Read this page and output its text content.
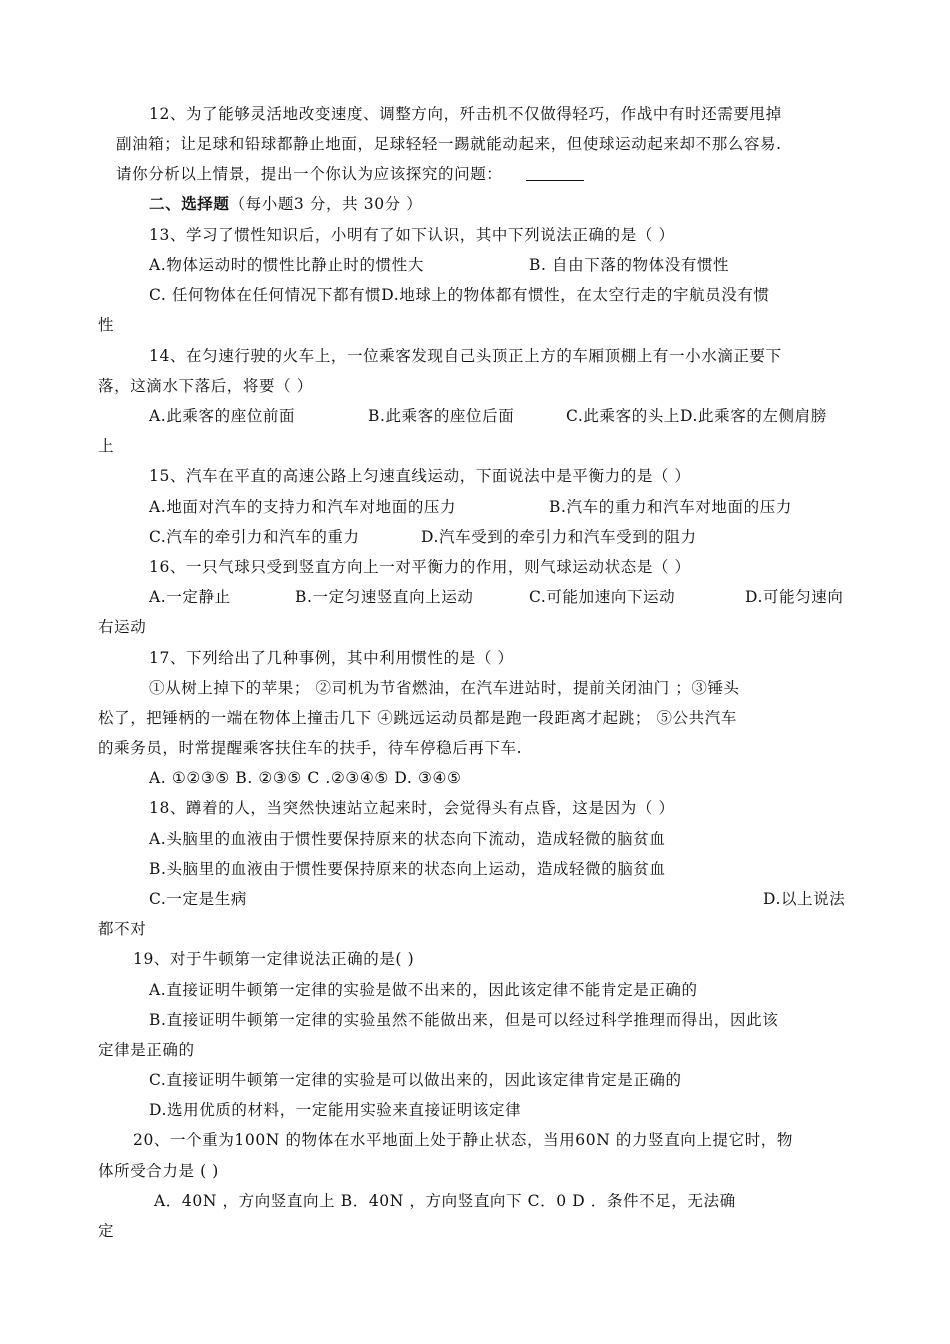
12、为了能够灵活地改变速度、调整方向，歼击机不仅做得轻巧，作战中有时还需要甩掉
副油箱；让足球和铅球都静止地面，足球轻轻一踢就能动起来，但使球运动起来却不那么容易.
请你分析以上情景，提出一个你认为应该探究的问题：
二、选择题（每小题3 分，共 30分 ）
13、学习了惯性知识后，小明有了如下认识，其中下列说法正确的是（ ）
A.物体运动时的惯性比静止时的惯性大	B. 自由下落的物体没有惯性
C. 任何物体在任何情况下都有惯D.地球上的物体都有惯性，在太空行走的宇航员没有惯
性
14、在匀速行驶的火车上，一位乘客发现自己头顶正上方的车厢顶棚上有一小水滴正要下
落，这滴水下落后，将要（ ）
A.此乘客的座位前面	B.此乘客的座位后面	C.此乘客的头上D.此乘客的左侧肩膀
上
15、汽车在平直的高速公路上匀速直线运动，下面说法中是平衡力的是（ ）
A.地面对汽车的支持力和汽车对地面的压力	B.汽车的重力和汽车对地面的压力
C.汽车的牵引力和汽车的重力	D.汽车受到的牵引力和汽车受到的阻力
16、一只气球只受到竖直方向上一对平衡力的作用，则气球运动状态是（ ）
A.一定静止	B.一定匀速竖直向上运动	C.可能加速向下运动	D.可能匀速向
右运动
17、下列给出了几种事例，其中利用惯性的是（ ）
①从树上掉下的苹果； ②司机为节省燃油，在汽车进站时，提前关闭油门 ；③锤头
松了，把锤柄的一端在物体上撞击几下 ④跳远运动员都是跑一段距离才起跳； ⑤公共汽车
的乘务员，时常提醒乘客扶住车的扶手，待车停稳后再下车.
A. ①②③⑤ B. ②③⑤ C .②③④⑤ D. ③④⑤
18、蹲着的人，当突然快速站立起来时，会觉得头有点昏，这是因为（ ）
A.头脑里的血液由于惯性要保持原来的状态向下流动，造成轻微的脑贫血
B.头脑里的血液由于惯性要保持原来的状态向上运动，造成轻微的脑贫血
C.一定是生病	D.以上说法
都不对
19、对于牛顿第一定律说法正确的是( )
A.直接证明牛顿第一定律的实验是做不出来的，因此该定律不能肯定是正确的
B.直接证明牛顿第一定律的实验虽然不能做出来，但是可以经过科学推理而得出，因此该
定律是正确的
C.直接证明牛顿第一定律的实验是可以做出来的，因此该定律肯定是正确的
D.选用优质的材料，一定能用实验来直接证明该定律
20、一个重为100N 的物体在水平地面上处于静止状态，当用60N 的力竖直向上提它时，物
体所受合力是 ( )
A．40N ，方向竖直向上 B．40N ，方向竖直向下 C．0 D ．条件不足，无法确
定
